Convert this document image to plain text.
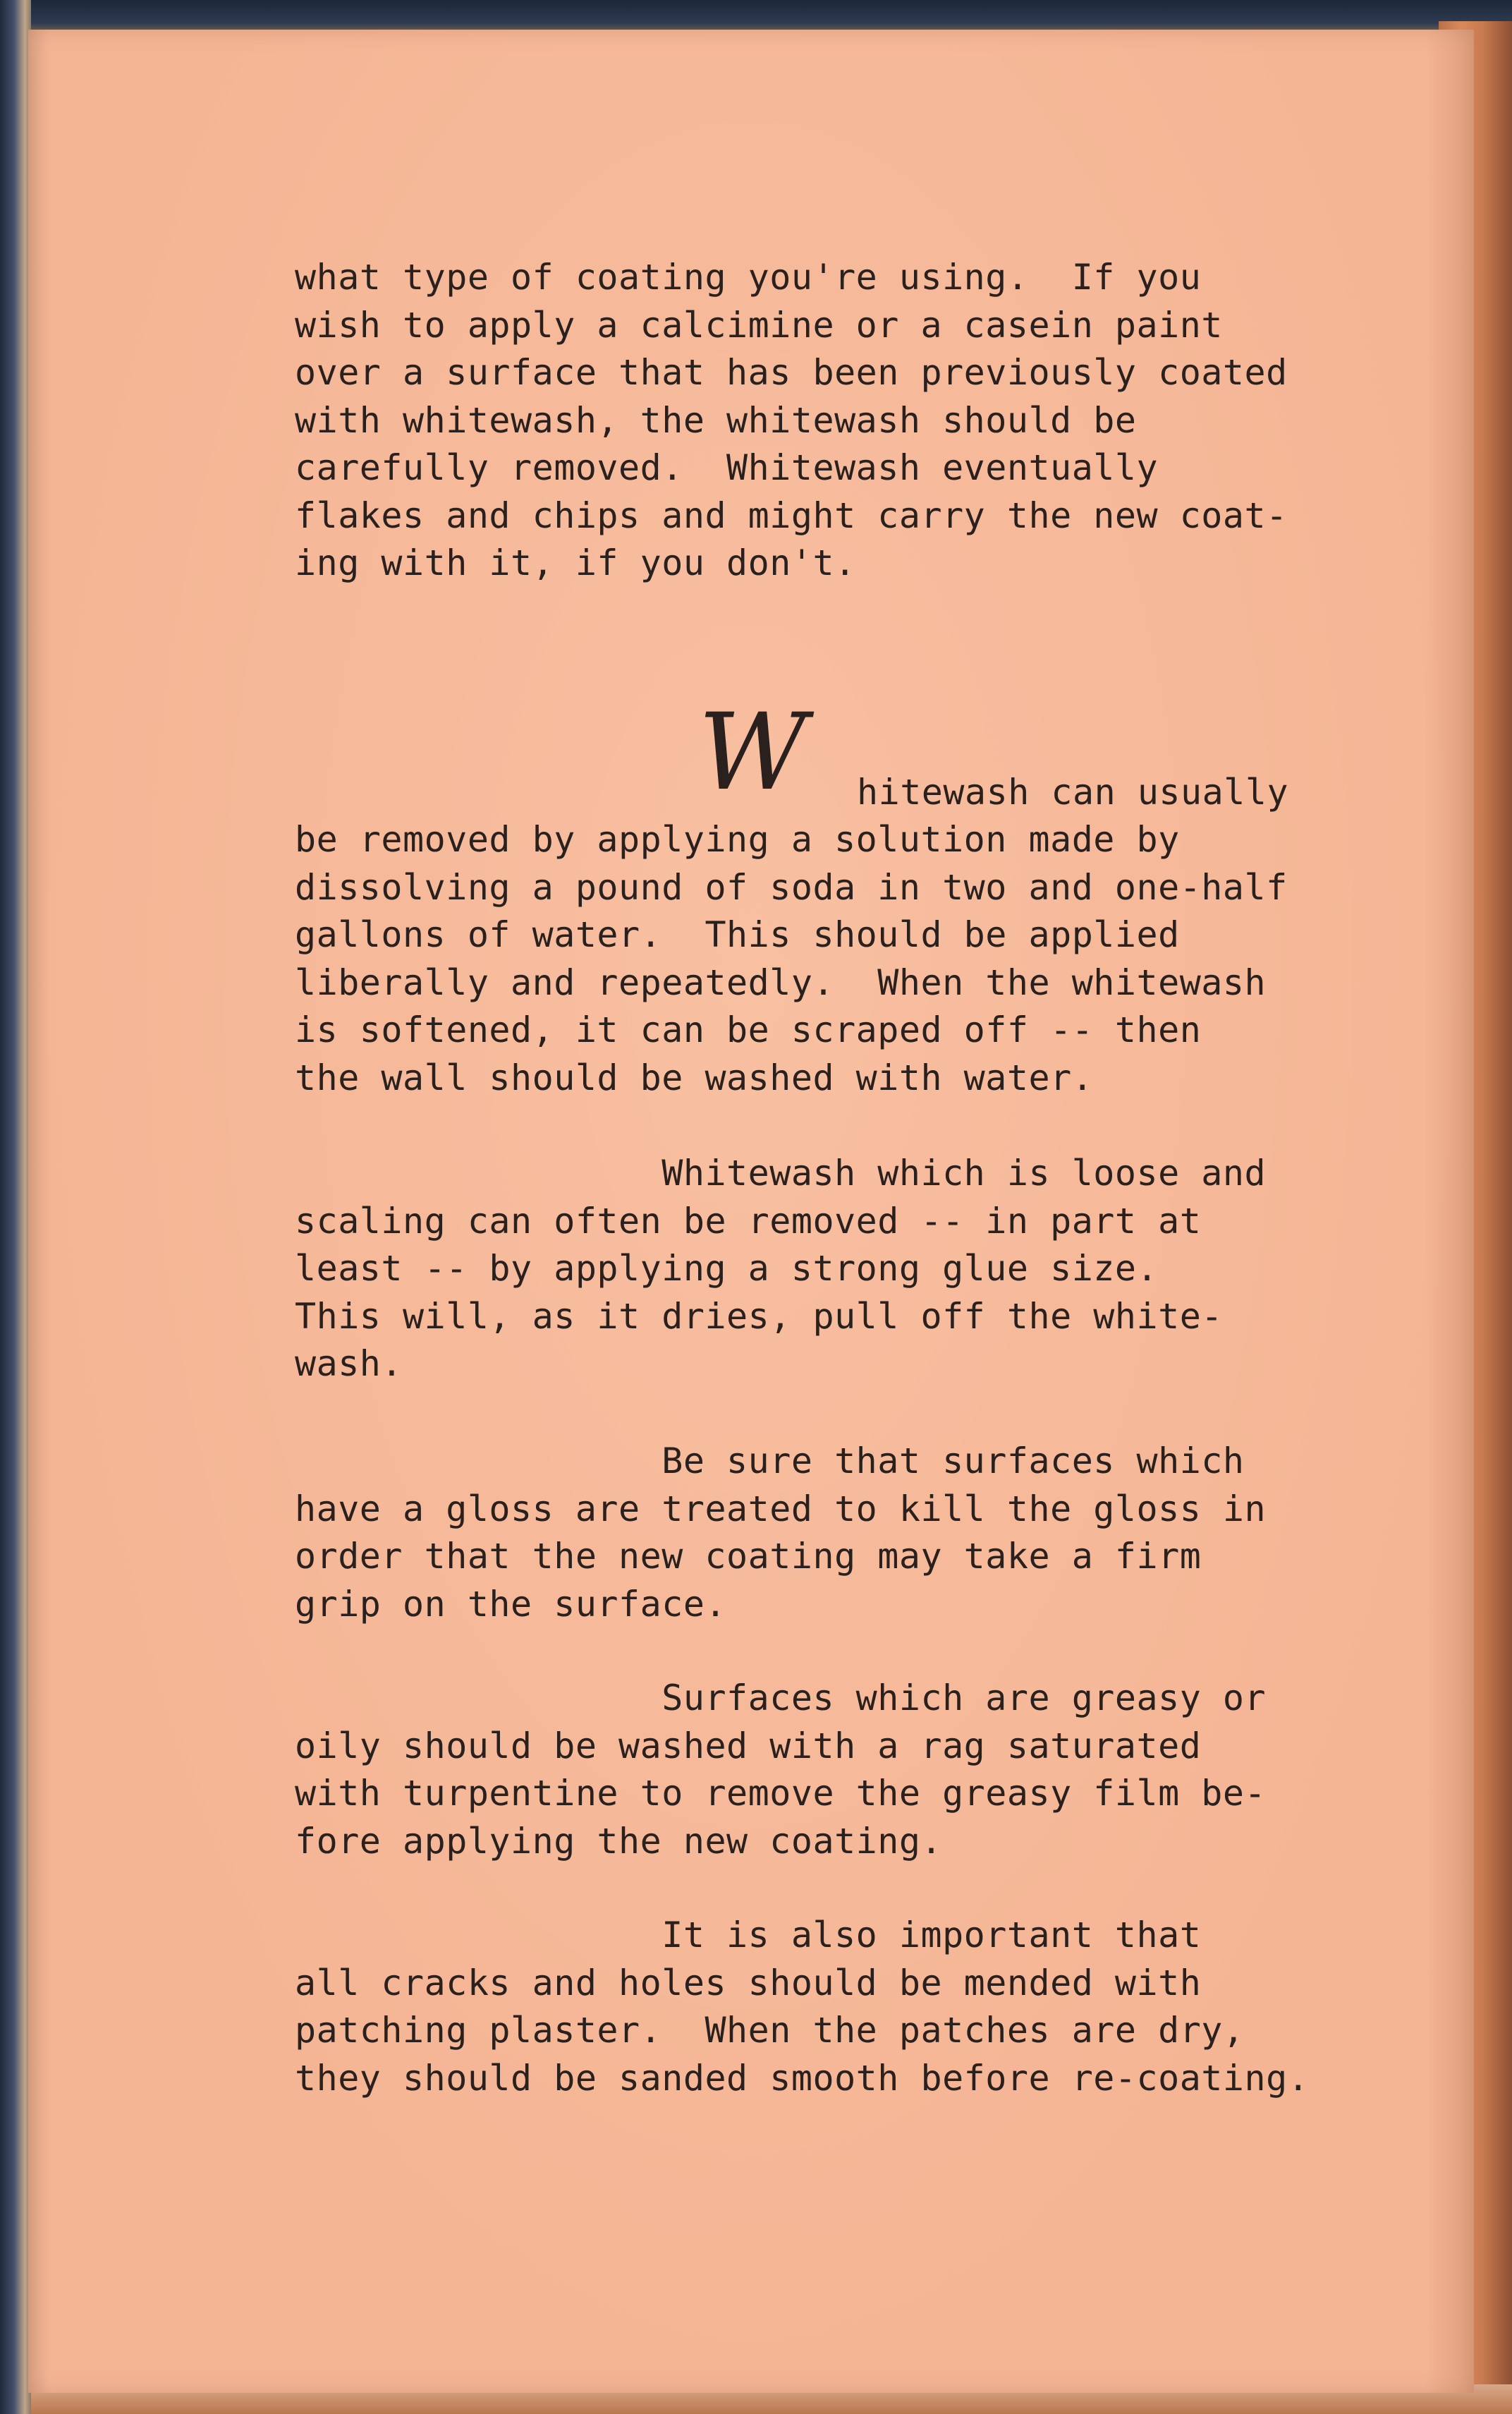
what type of coating you're using.  If you
wish to apply a calcimine or a casein paint
over a surface that has been previously coated
with whitewash, the whitewash should be
carefully removed.  Whitewash eventually
flakes and chips and might carry the new coat-
ing with it, if you don't.
W hitewash can usually
be removed by applying a solution made by
dissolving a pound of soda in two and one-half
gallons of water.  This should be applied
liberally and repeatedly.  When the whitewash
is softened, it can be scraped off -- then
the wall should be washed with water.
Whitewash which is loose and
scaling can often be removed -- in part at
least -- by applying a strong glue size.
This will, as it dries, pull off the white-
wash.
Be sure that surfaces which
have a gloss are treated to kill the gloss in
order that the new coating may take a firm
grip on the surface.
Surfaces which are greasy or
oily should be washed with a rag saturated
with turpentine to remove the greasy film be-
fore applying the new coating.
It is also important that
all cracks and holes should be mended with
patching plaster.  When the patches are dry,
they should be sanded smooth before re-coating.
